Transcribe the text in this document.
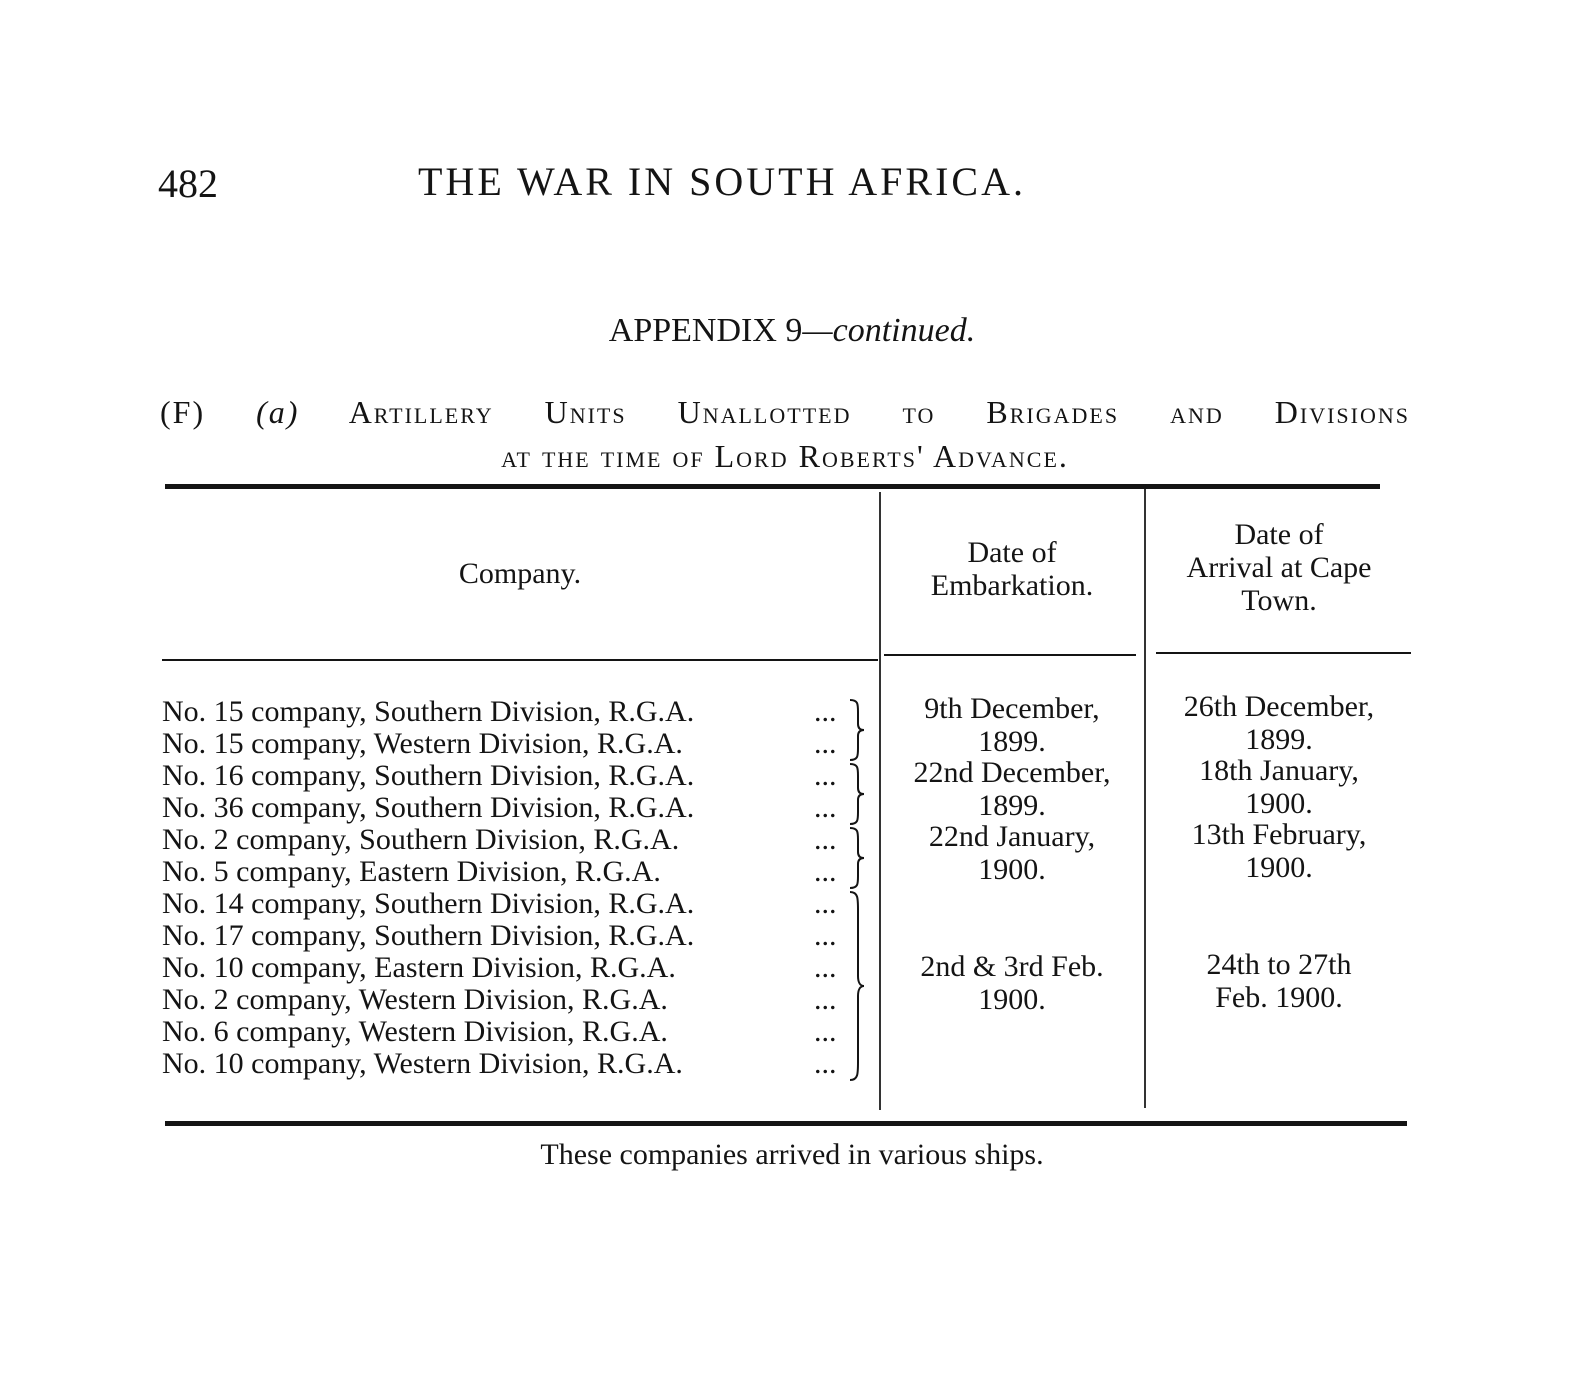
482	THE WAR IN SOUTH AFRICA.
APPENDIX 9—continued.
(F) (a) Artillery Units Unallotted to Brigades and Divisions
at the time of Lord Roberts' Advance.
Company.
Date of
Embarkation.
Date of
Arrival at Cape
Town.
No. 15 company, Southern Division, R.G.A.
No. 15 company, Western Division, R.G.A.
No. 16 company, Southern Division, R.G.A.
No. 36 company, Southern Division, R.G.A.
No. 2 company, Southern Division, R.G.A.
No. 5 company, Eastern Division, R.G.A.
No. 14 company, Southern Division, R.G.A.
No. 17 company, Southern Division, R.G.A.
No. 10 company, Eastern Division, R.G.A.
No. 2 company, Western Division, R.G.A.
No. 6 company, Western Division, R.G.A.
No. 10 company, Western Division, R.G.A.
...
...
...
...
...
...
...
...
...
...
...
...
9th December,
1899.
22nd December,
1899.
22nd January,
1900.
2nd & 3rd Feb.
1900.
26th December,
1899.
18th January,
1900.
13th February,
1900.
24th to 27th
Feb. 1900.
These companies arrived in various ships.
